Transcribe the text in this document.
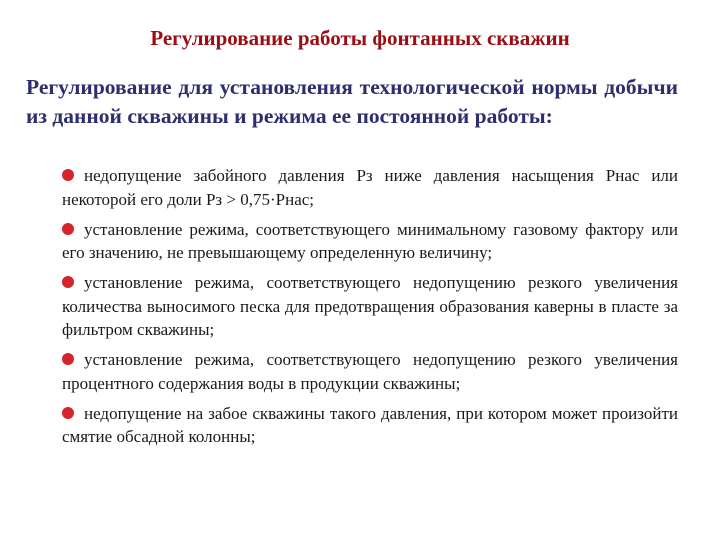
Регулирование работы фонтанных скважин

Регулирование для установления технологической нормы добычи из данной скважины и режима ее постоянной работы:

недопущение забойного давления Рз ниже давления насыщения Рнас или некоторой его доли Рз > 0,75·Рнас;
установление режима, соответствующего минимальному газовому фактору или его значению, не превышающему определенную величину;
установление режима, соответствующего недопущению резкого увеличения количества выносимого песка для предотвращения образования каверны в пласте за фильтром скважины;
установление режима, соответствующего недопущению резкого увеличения процентного содержания воды в продукции скважины;
недопущение на забое скважины такого давления, при котором может произойти смятие обсадной колонны;
